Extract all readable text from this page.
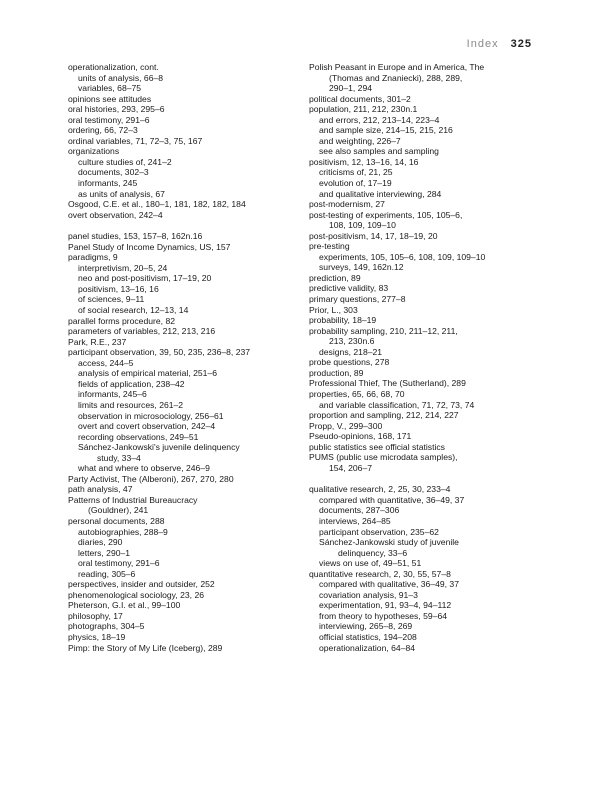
Index 325
operationalization, cont.
units of analysis, 66–8
variables, 68–75
opinions see attitudes
oral histories, 293, 295–6
oral testimony, 291–6
ordering, 66, 72–3
ordinal variables, 71, 72–3, 75, 167
organizations
culture studies of, 241–2
documents, 302–3
informants, 245
as units of analysis, 67
Osgood, C.E. et al., 180–1, 181, 182, 182, 184
overt observation, 242–4
panel studies, 153, 157–8, 162n.16
Panel Study of Income Dynamics, US, 157
paradigms, 9
interpretivism, 20–5, 24
neo and post-positivism, 17–19, 20
positivism, 13–16, 16
of sciences, 9–11
of social research, 12–13, 14
parallel forms procedure, 82
parameters of variables, 212, 213, 216
Park, R.E., 237
participant observation, 39, 50, 235, 236–8, 237
access, 244–5
analysis of empirical material, 251–6
fields of application, 238–42
informants, 245–6
limits and resources, 261–2
observation in microsociology, 256–61
overt and covert observation, 242–4
recording observations, 249–51
Sánchez-Jankowski's juvenile delinquency
study, 33–4
what and where to observe, 246–9
Party Activist, The (Alberoni), 267, 270, 280
path analysis, 47
Patterns of Industrial Bureaucracy
(Gouldner), 241
personal documents, 288
autobiographies, 288–9
diaries, 290
letters, 290–1
oral testimony, 291–6
reading, 305–6
perspectives, insider and outsider, 252
phenomenological sociology, 23, 26
Pheterson, G.I. et al., 99–100
philosophy, 17
photographs, 304–5
physics, 18–19
Pimp: the Story of My Life (Iceberg), 289
Polish Peasant in Europe and in America, The
(Thomas and Znaniecki), 288, 289,
290–1, 294
political documents, 301–2
population, 211, 212, 230n.1
and errors, 212, 213–14, 223–4
and sample size, 214–15, 215, 216
and weighting, 226–7
see also samples and sampling
positivism, 12, 13–16, 14, 16
criticisms of, 21, 25
evolution of, 17–19
and qualitative interviewing, 284
post-modernism, 27
post-testing of experiments, 105, 105–6,
108, 109, 109–10
post-positivism, 14, 17, 18–19, 20
pre-testing
experiments, 105, 105–6, 108, 109, 109–10
surveys, 149, 162n.12
prediction, 89
predictive validity, 83
primary questions, 277–8
Prior, L., 303
probability, 18–19
probability sampling, 210, 211–12, 211,
213, 230n.6
designs, 218–21
probe questions, 278
production, 89
Professional Thief, The (Sutherland), 289
properties, 65, 66, 68, 70
and variable classification, 71, 72, 73, 74
proportion and sampling, 212, 214, 227
Propp, V., 299–300
Pseudo-opinions, 168, 171
public statistics see official statistics
PUMS (public use microdata samples),
154, 206–7
qualitative research, 2, 25, 30, 233–4
compared with quantitative, 36–49, 37
documents, 287–306
interviews, 264–85
participant observation, 235–62
Sánchez-Jankowski study of juvenile
delinquency, 33–6
views on use of, 49–51, 51
quantitative research, 2, 30, 55, 57–8
compared with qualitative, 36–49, 37
covariation analysis, 91–3
experimentation, 91, 93–4, 94–112
from theory to hypotheses, 59–64
interviewing, 265–8, 269
official statistics, 194–208
operationalization, 64–84
